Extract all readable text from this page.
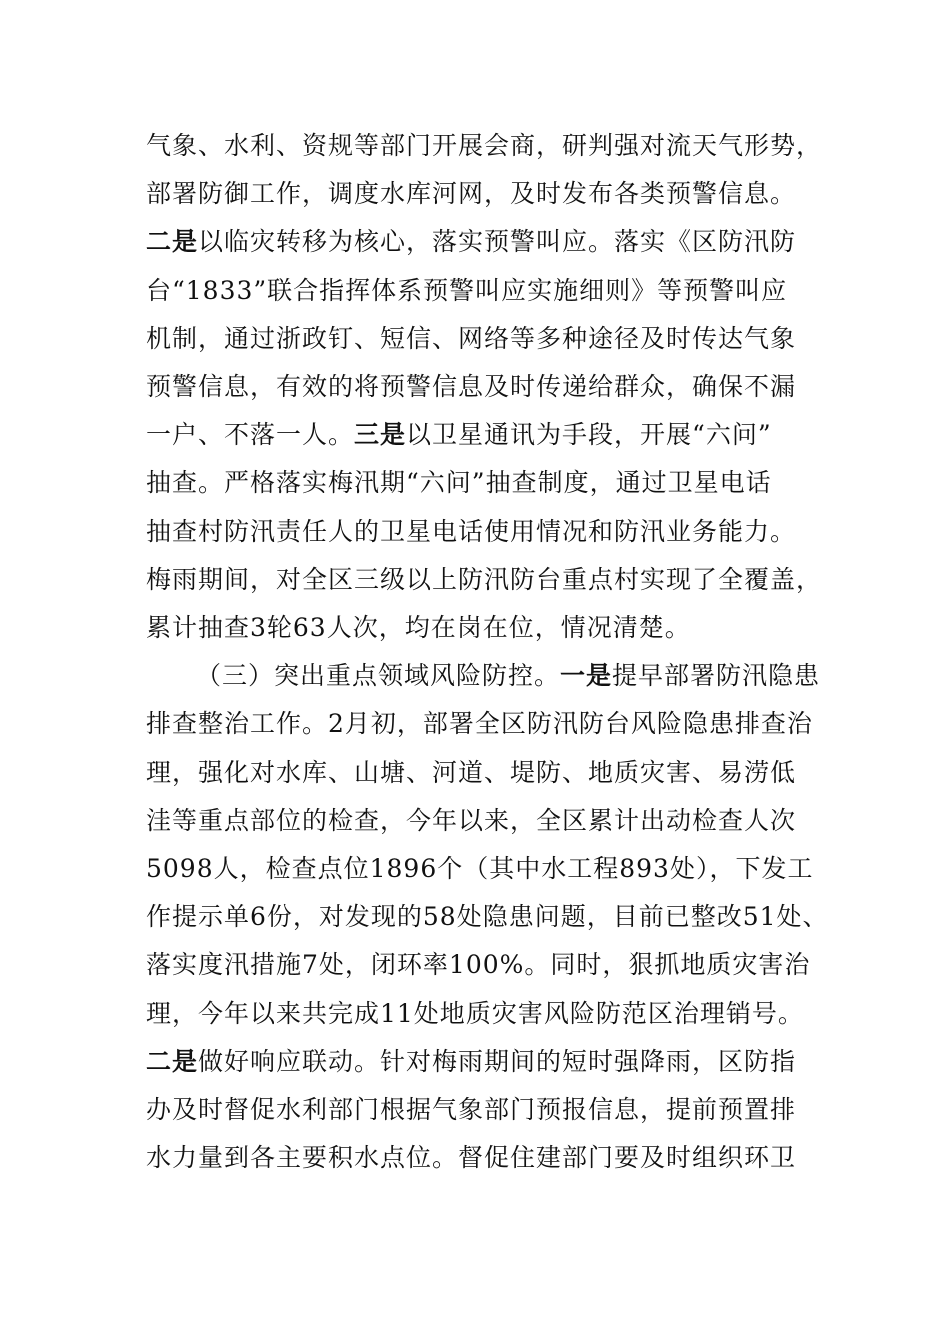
气象、水利、资规等部门开展会商，研判强对流天气形势，
部署防御工作，调度水库河网，及时发布各类预警信息。
二是以临灾转移为核心，落实预警叫应。落实《区防汛防
台“1833”联合指挥体系预警叫应实施细则》等预警叫应
机制，通过浙政钉、短信、网络等多种途径及时传达气象
预警信息，有效的将预警信息及时传递给群众，确保不漏
一户、不落一人。三是以卫星通讯为手段，开展“六问”
抽查。严格落实梅汛期“六问”抽查制度，通过卫星电话
抽查村防汛责任人的卫星电话使用情况和防汛业务能力。
梅雨期间，对全区三级以上防汛防台重点村实现了全覆盖，
累计抽查3轮63人次，均在岗在位，情况清楚。
（三）突出重点领域风险防控。一是提早部署防汛隐患
排查整治工作。2月初，部署全区防汛防台风险隐患排查治
理，强化对水库、山塘、河道、堤防、地质灾害、易涝低
洼等重点部位的检查，今年以来，全区累计出动检查人次
5098人，检查点位1896个（其中水工程893处），下发工
作提示单6份，对发现的58处隐患问题，目前已整改51处、
落实度汛措施7处，闭环率100%。同时，狠抓地质灾害治
理，今年以来共完成11处地质灾害风险防范区治理销号。
二是做好响应联动。针对梅雨期间的短时强降雨，区防指
办及时督促水利部门根据气象部门预报信息，提前预置排
水力量到各主要积水点位。督促住建部门要及时组织环卫
